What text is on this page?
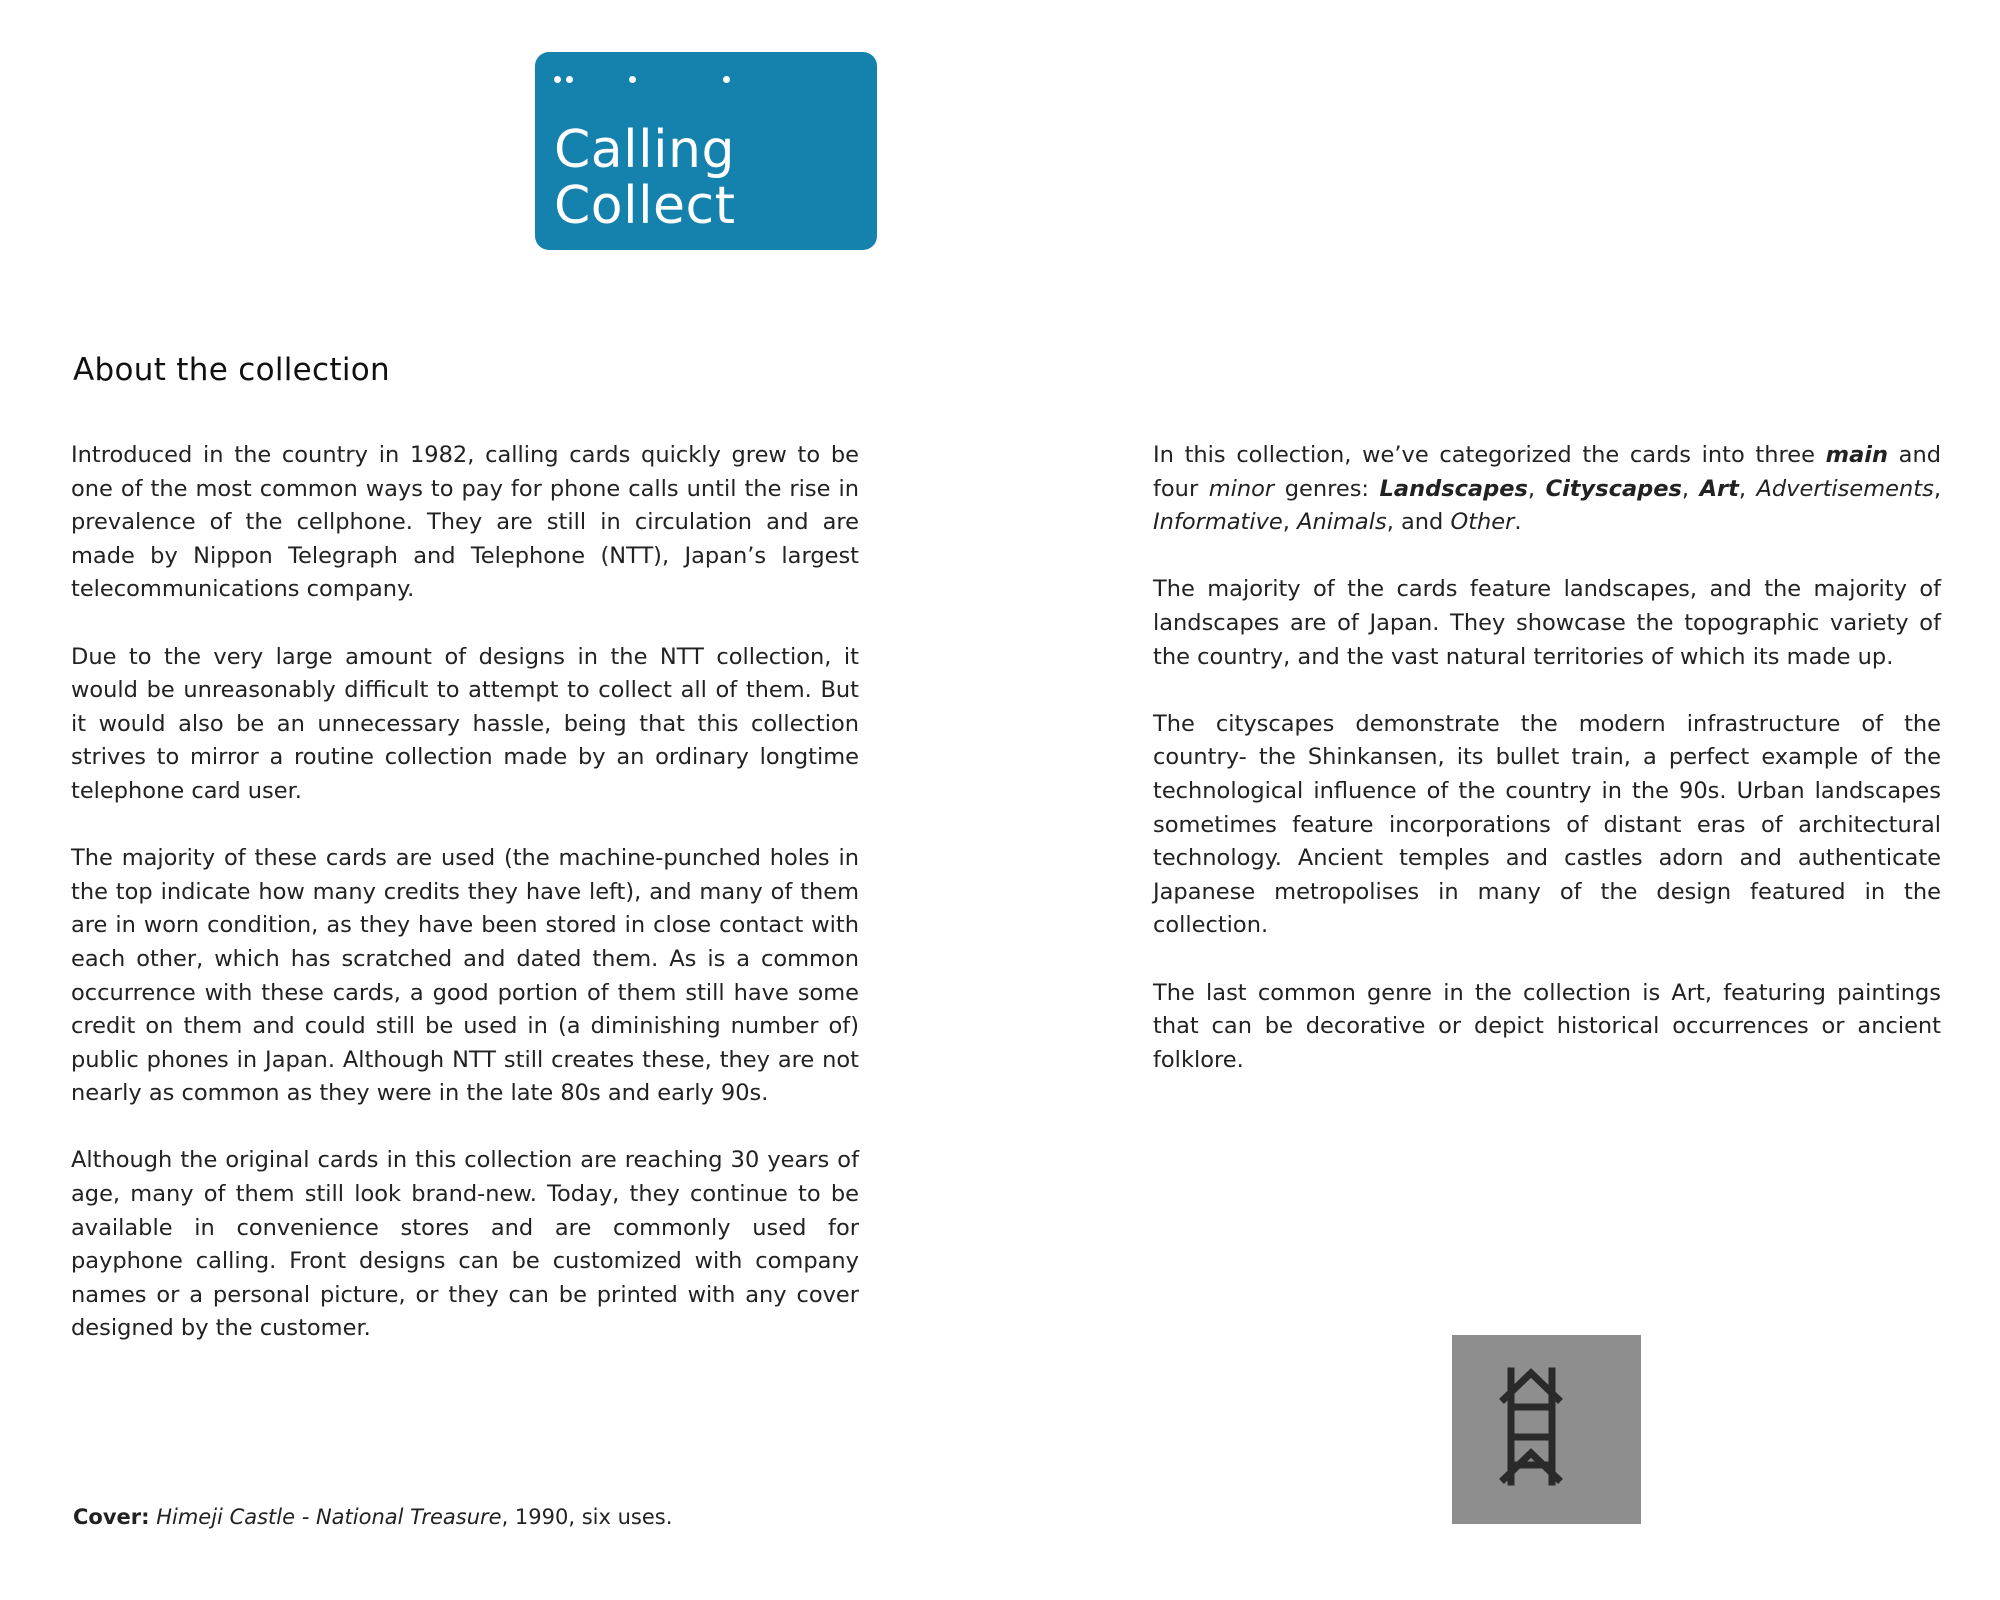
Calling
Collect
About the collection

Introduced in the country in 1982, calling cards quickly grew to be one of the most common ways to pay for phone calls until the rise in prevalence of the cellphone. They are still in circulation and are made by Nippon Telegraph and Telephone (NTT), Japan’s largest telecommunications company.

Due to the very large amount of designs in the NTT collection, it would be unreasonably difficult to attempt to collect all of them. But it would also be an unnecessary hassle, being that this collection strives to mirror a routine collection made by an ordinary longtime telephone card user.

The majority of these cards are used (the machine-punched holes in the top indicate how many credits they have left), and many of them are in worn condition, as they have been stored in close contact with each other, which has scratched and dated them. As is a common occurrence with these cards, a good portion of them still have some credit on them and could still be used in (a diminishing number of) public phones in Japan. Although NTT still creates these, they are not nearly as common as they were in the late 80s and early 90s.

Although the original cards in this collection are reaching 30 years of age, many of them still look brand-new. Today, they continue to be available in convenience stores and are commonly used for payphone calling. Front designs can be customized with company names or a personal picture, or they can be printed with any cover designed by the customer.

In this collection, we’ve categorized the cards into three main and four minor genres: Landscapes, Cityscapes, Art, Advertisements, Informative, Animals, and Other.

The majority of the cards feature landscapes, and the majority of landscapes are of Japan. They showcase the topographic variety of the country, and the vast natural territories of which its made up.

The cityscapes demonstrate the modern infrastructure of the country- the Shinkansen, its bullet train, a perfect example of the technological influence of the country in the 90s. Urban landscapes sometimes feature incorporations of distant eras of architectural technology. Ancient temples and castles adorn and authenticate Japanese metropolises in many of the design featured in the collection.

The last common genre in the collection is Art, featuring paintings that can be decorative or depict historical occurrences or ancient folklore.

Cover: Himeji Castle - National Treasure, 1990, six uses.
